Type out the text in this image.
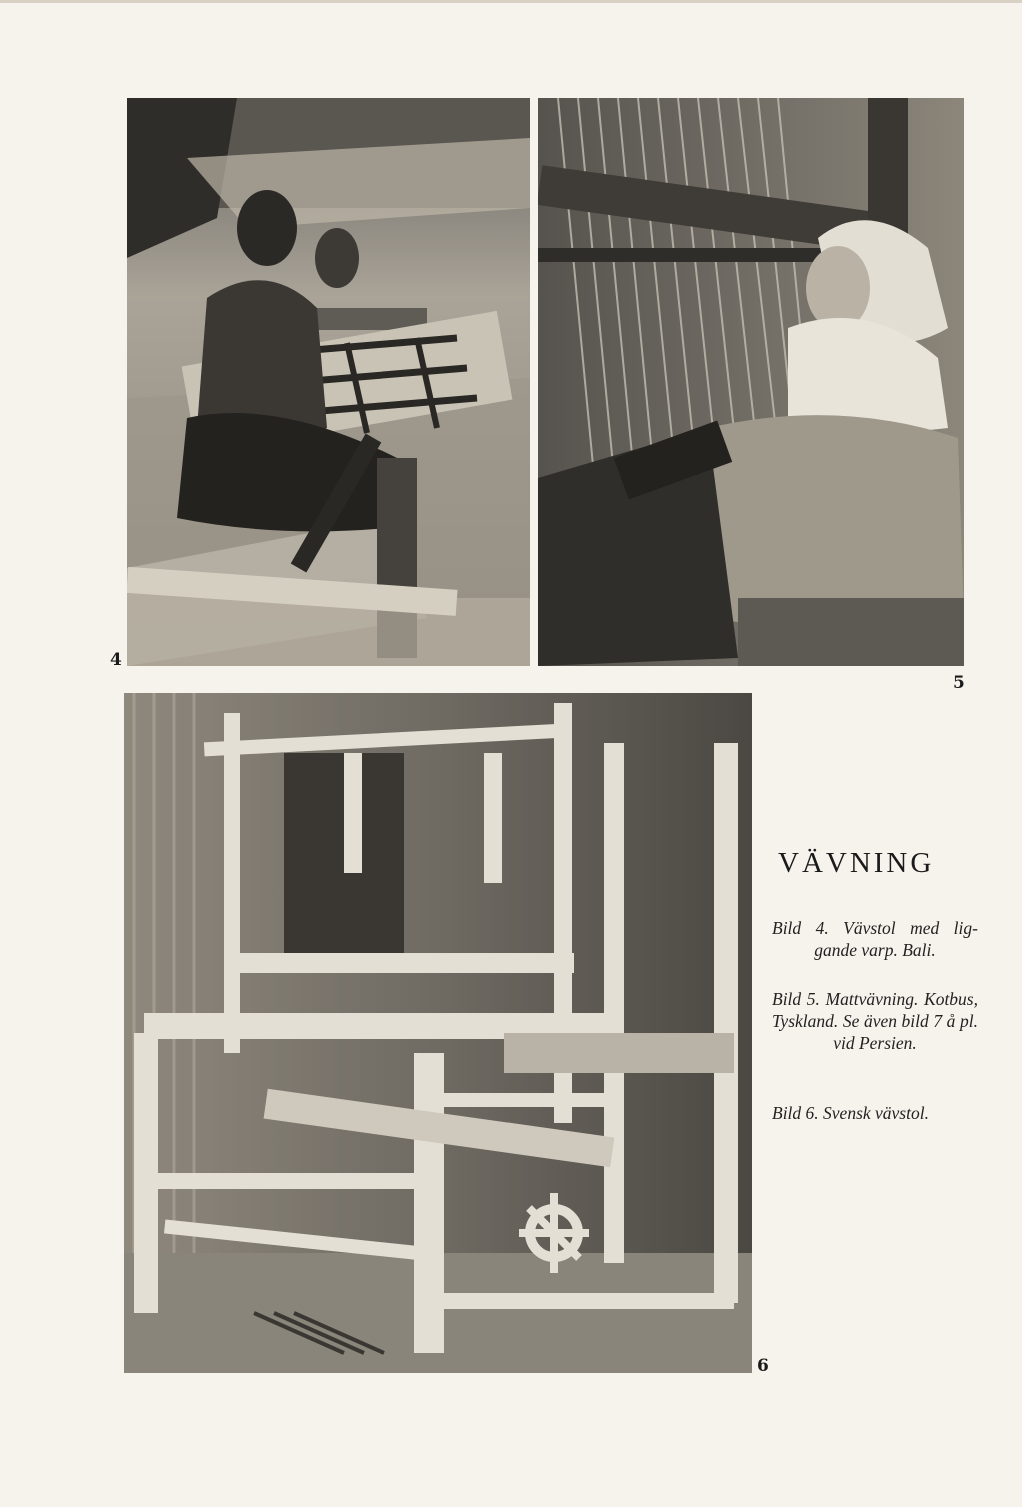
4
5
6
VÄVNING
Bild 4. Vävstol med lig- gande varp. Bali.
Bild 5. Mattvävning. Kotbus, Tyskland. Se även bild 7 å pl. vid Persien.
Bild 6. Svensk vävstol.
